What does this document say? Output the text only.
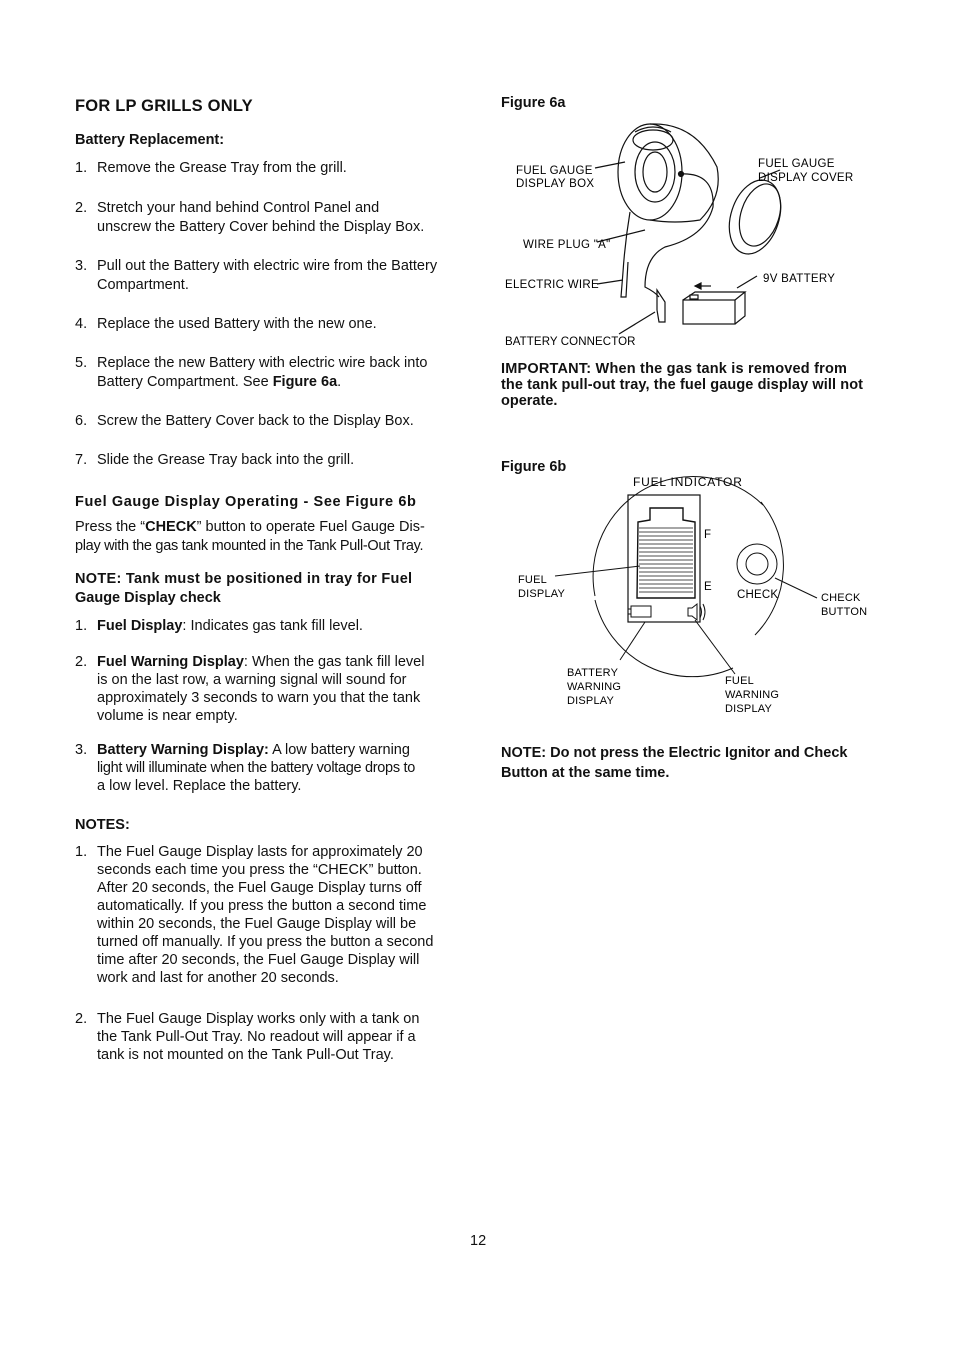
FOR LP GRILLS ONLY
Battery Replacement:
1. Remove the Grease Tray from the grill.
2. Stretch your hand behind Control Panel and
unscrew the Battery Cover behind the Display Box.
3. Pull out the Battery with electric wire from the Battery
Compartment.
4. Replace the used Battery with the new one.
5. Replace the new Battery with electric wire back into
Battery Compartment. See Figure 6a.
6. Screw the Battery Cover back to the Display Box.
7. Slide the Grease Tray back into the grill.
Fuel Gauge Display Operating - See Figure 6b
Press the “CHECK” button to operate Fuel Gauge Dis-
play with the gas tank mounted in the Tank Pull-Out Tray.
NOTE: Tank must be positioned in tray for Fuel
Gauge Display check
1. Fuel Display: Indicates gas tank fill level.
2. Fuel Warning Display: When the gas tank fill level
is on the last row, a warning signal will sound for
approximately 3 seconds to warn you that the tank
volume is near empty.
3. Battery Warning Display: A low battery warning
light will illuminate when the battery voltage drops to
a low level. Replace the battery.
NOTES:
1. The Fuel Gauge Display lasts for approximately 20
seconds each time you press the “CHECK” button.
After 20 seconds, the Fuel Gauge Display turns off
automatically. If you press the button a second time
within 20 seconds, the Fuel Gauge Display will be
turned off manually. If you press the button a second
time after 20 seconds, the Fuel Gauge Display will
work and last for another 20 seconds.
2. The Fuel Gauge Display works only with a tank on
the Tank Pull-Out Tray. No readout will appear if a
tank is not mounted on the Tank Pull-Out Tray.
Figure 6a
FUEL GAUGE
DISPLAY BOX
FUEL GAUGE
DISPLAY COVER
WIRE PLUG "A"
ELECTRIC WIRE	9V BATTERY
BATTERY CONNECTOR
IMPORTANT: When the gas tank is removed from
the tank pull-out tray, the fuel gauge display will not
operate.
Figure 6b
FUEL INDICATOR
F
E
CHECK
FUEL
DISPLAY	CHECK
BUTTON
BATTERY
WARNING
DISPLAY
FUEL
WARNING
DISPLAY
NOTE: Do not press the Electric Ignitor and Check
Button at the same time.
12
